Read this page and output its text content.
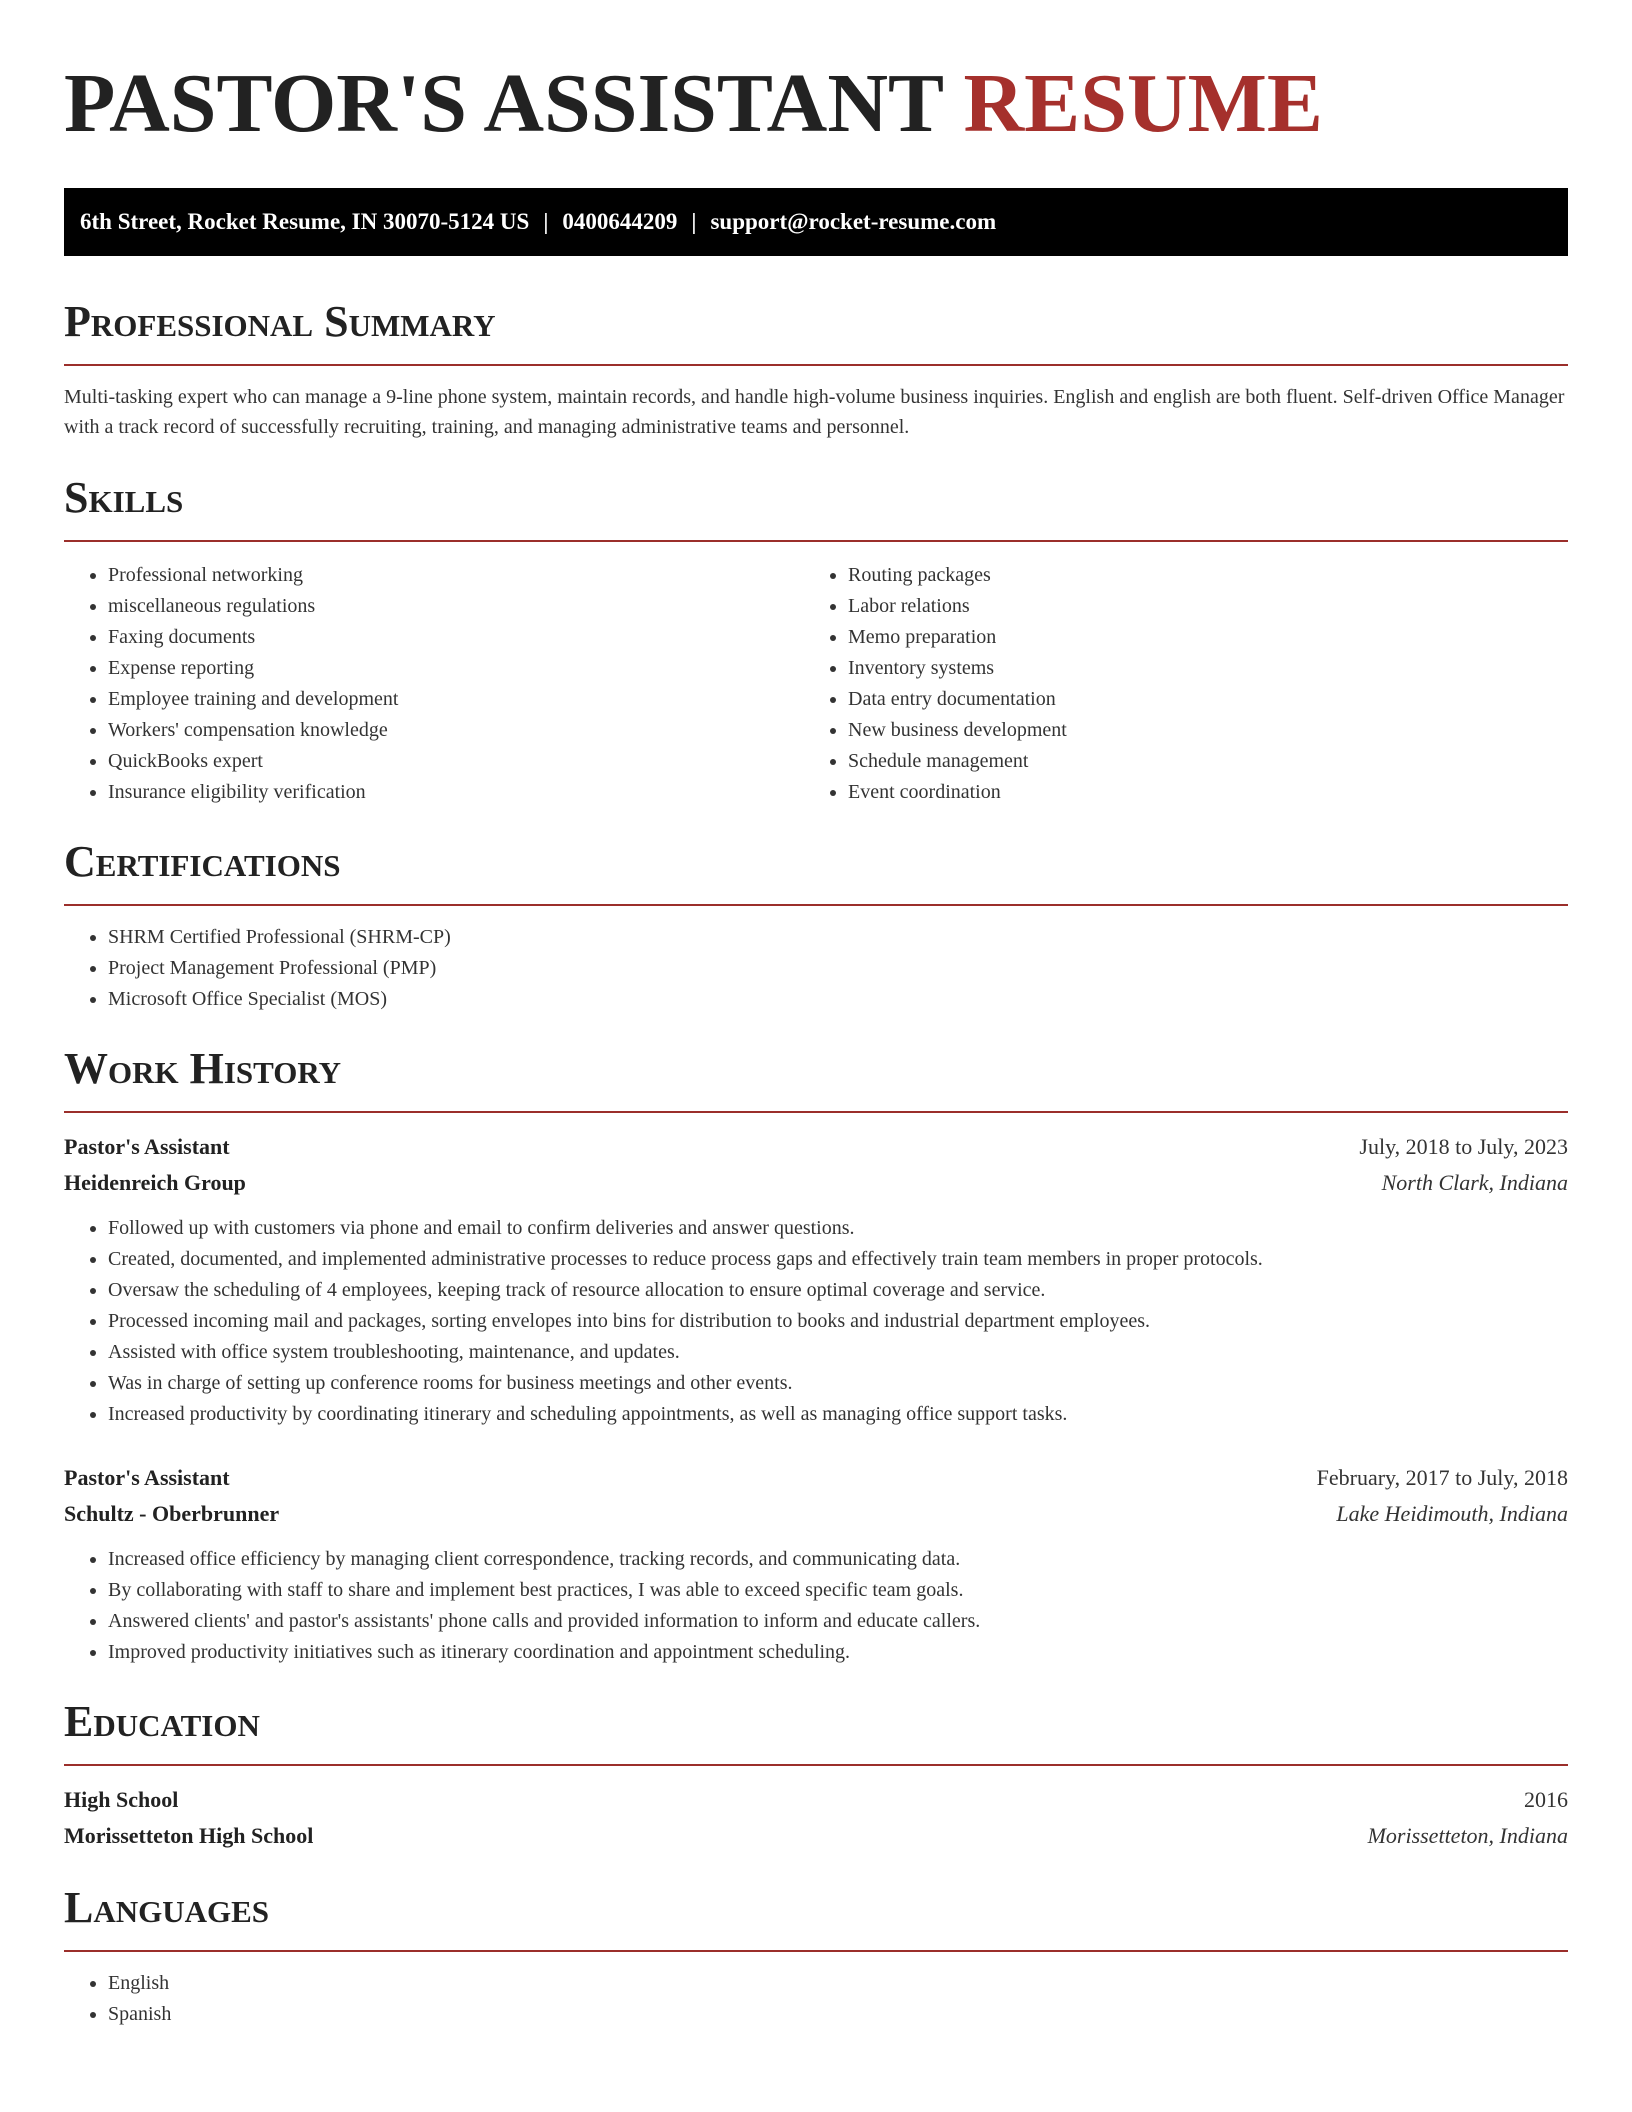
PASTOR'S ASSISTANT RESUME
6th Street, Rocket Resume, IN 30070-5124 US | 0400644209 | support@rocket-resume.com
Professional Summary

Multi-tasking expert who can manage a 9-line phone system, maintain records, and handle high-volume business inquiries. English and english are both fluent. Self-driven Office Manager with a track record of successfully recruiting, training, and managing administrative teams and personnel.

Skills
• Professional networking
• miscellaneous regulations
• Faxing documents
• Expense reporting
• Employee training and development
• Workers' compensation knowledge
• QuickBooks expert
• Insurance eligibility verification
• Routing packages
• Labor relations
• Memo preparation
• Inventory systems
• Data entry documentation
• New business development
• Schedule management
• Event coordination
Certifications
• SHRM Certified Professional (SHRM-CP)
• Project Management Professional (PMP)
• Microsoft Office Specialist (MOS)
Work History
Pastor's Assistant	July, 2018 to July, 2023
Heidenreich Group	North Clark, Indiana
• Followed up with customers via phone and email to confirm deliveries and answer questions.
• Created, documented, and implemented administrative processes to reduce process gaps and effectively train team members in proper protocols.
• Oversaw the scheduling of 4 employees, keeping track of resource allocation to ensure optimal coverage and service.
• Processed incoming mail and packages, sorting envelopes into bins for distribution to books and industrial department employees.
• Assisted with office system troubleshooting, maintenance, and updates.
• Was in charge of setting up conference rooms for business meetings and other events.
• Increased productivity by coordinating itinerary and scheduling appointments, as well as managing office support tasks.
Pastor's Assistant	February, 2017 to July, 2018
Schultz - Oberbrunner	Lake Heidimouth, Indiana
• Increased office efficiency by managing client correspondence, tracking records, and communicating data.
• By collaborating with staff to share and implement best practices, I was able to exceed specific team goals.
• Answered clients' and pastor's assistants' phone calls and provided information to inform and educate callers.
• Improved productivity initiatives such as itinerary coordination and appointment scheduling.
Education
High School	2016
Morissetteton High School	Morissetteton, Indiana
Languages
• English
• Spanish
